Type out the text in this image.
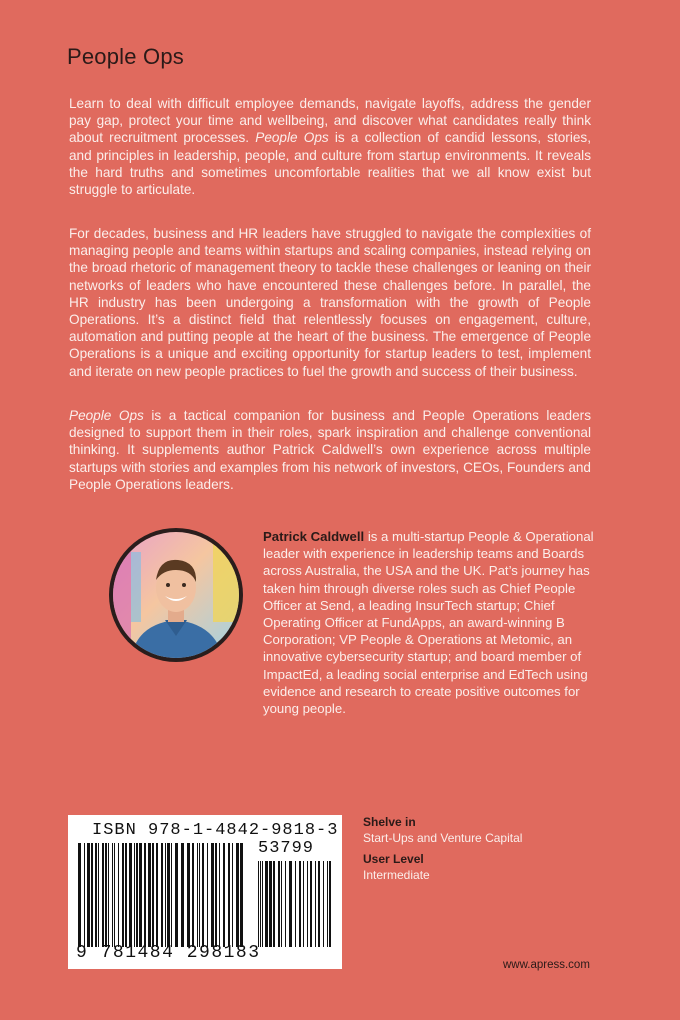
People Ops

Learn to deal with difficult employee demands, navigate layoffs, address the gender pay gap, protect your time and wellbeing, and discover what candidates really think about recruitment processes. People Ops is a collection of candid lessons, stories, and principles in leadership, people, and culture from startup environments. It reveals the hard truths and sometimes uncomfortable realities that we all know exist but struggle to articulate.

For decades, business and HR leaders have struggled to navigate the complexities of managing people and teams within startups and scaling companies, instead relying on the broad rhetoric of management theory to tackle these challenges or leaning on their networks of leaders who have encountered these challenges before. In parallel, the HR industry has been undergoing a transformation with the growth of People Operations. It’s a distinct field that relentlessly focuses on engagement, culture, automation and putting people at the heart of the business. The emergence of People Operations is a unique and exciting opportunity for startup leaders to test, implement and iterate on new people practices to fuel the growth and success of their business.

People Ops is a tactical companion for business and People Operations leaders designed to support them in their roles, spark inspiration and challenge conventional thinking. It supplements author Patrick Caldwell’s own experience across multiple startups with stories and examples from his network of investors, CEOs, Founders and People Operations leaders.

Patrick Caldwell is a multi-startup People & Operational leader with experience in leadership teams and Boards across Australia, the USA and the UK. Pat’s journey has taken him through diverse roles such as Chief People Officer at Send, a leading InsurTech startup; Chief Operating Officer at FundApps, an award-winning B Corporation; VP People & Operations at Metomic, an innovative cybersecurity startup; and board member of ImpactEd, a leading social enterprise and EdTech using evidence and research to create positive outcomes for young people.

ISBN 978-1-4842-9818-3
53799
9 781484 298183
Shelve in
Start-Ups and Venture Capital
User Level
Intermediate
www.apress.com
